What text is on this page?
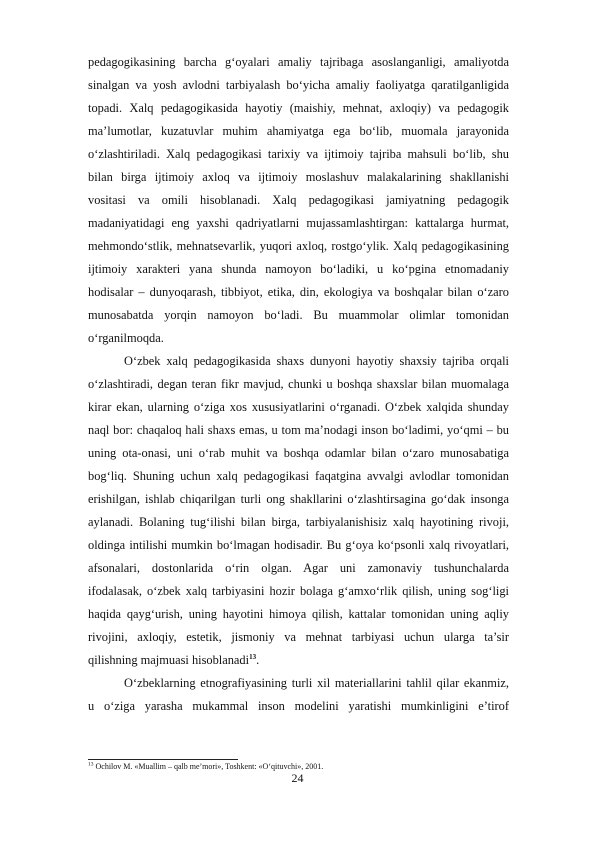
pedagogikasining barcha g‘oyalari amaliy tajribaga asoslanganligi, amaliyotda
sinalgan va yosh avlodni tarbiyalash bo‘yicha amaliy faoliyatga qaratilganligida
topadi. Xalq pedagogikasida hayotiy (maishiy, mehnat, axloqiy) va pedagogik
ma’lumotlar, kuzatuvlar muhim ahamiyatga ega bo‘lib, muomala jarayonida
o‘zlashtiriladi. Xalq pedagogikasi tarixiy va ijtimoiy tajriba mahsuli bo‘lib, shu
bilan birga ijtimoiy axloq va ijtimoiy moslashuv malakalarining shakllanishi
vositasi va omili hisoblanadi. Xalq pedagogikasi jamiyatning pedagogik
madaniyatidagi eng yaxshi qadriyatlarni mujassamlashtirgan: kattalarga hurmat,
mehmondo‘stlik, mehnatsevarlik, yuqori axloq, rostgo‘ylik. Xalq pedagogikasining
ijtimoiy xarakteri yana shunda namoyon bo‘ladiki, u ko‘pgina etnomadaniy
hodisalar – dunyoqarash, tibbiyot, etika, din, ekologiya va boshqalar bilan o‘zaro
munosabatda yorqin namoyon bo‘ladi. Bu muammolar olimlar tomonidan
o‘rganilmoqda.
O‘zbek xalq pedagogikasida shaxs dunyoni hayotiy shaxsiy tajriba orqali
o‘zlashtiradi, degan teran fikr mavjud, chunki u boshqa shaxslar bilan muomalaga
kirar ekan, ularning o‘ziga xos xususiyatlarini o‘rganadi. O‘zbek xalqida shunday
naql bor: chaqaloq hali shaxs emas, u tom ma’nodagi inson bo‘ladimi, yo‘qmi – bu
uning ota-onasi, uni o‘rab muhit va boshqa odamlar bilan o‘zaro munosabatiga
bog‘liq. Shuning uchun xalq pedagogikasi faqatgina avvalgi avlodlar tomonidan
erishilgan, ishlab chiqarilgan turli ong shakllarini o‘zlashtirsagina go‘dak insonga
aylanadi. Bolaning tug‘ilishi bilan birga, tarbiyalanishisiz xalq hayotining rivoji,
oldinga intilishi mumkin bo‘lmagan hodisadir. Bu g‘oya ko‘psonli xalq rivoyatlari,
afsonalari, dostonlarida o‘rin olgan. Agar uni zamonaviy tushunchalarda
ifodalasak, o‘zbek xalq tarbiyasini hozir bolaga g‘amxo‘rlik qilish, uning sog‘ligi
haqida qayg‘urish, uning hayotini himoya qilish, kattalar tomonidan uning aqliy
rivojini, axloqiy, estetik, jismoniy va mehnat tarbiyasi uchun ularga ta’sir
qilishning majmuasi hisoblanadi$^{13}$.
O‘zbeklarning etnografiyasining turli xil materiallarini tahlil qilar ekanmiz,
u o‘ziga yarasha mukammal inson modelini yaratishi mumkinligini e’tirof
$^{13}$ Ochilov M. «Muallim – qalb me’mori», Toshkent: «O‘qituvchi», 2001.
24
